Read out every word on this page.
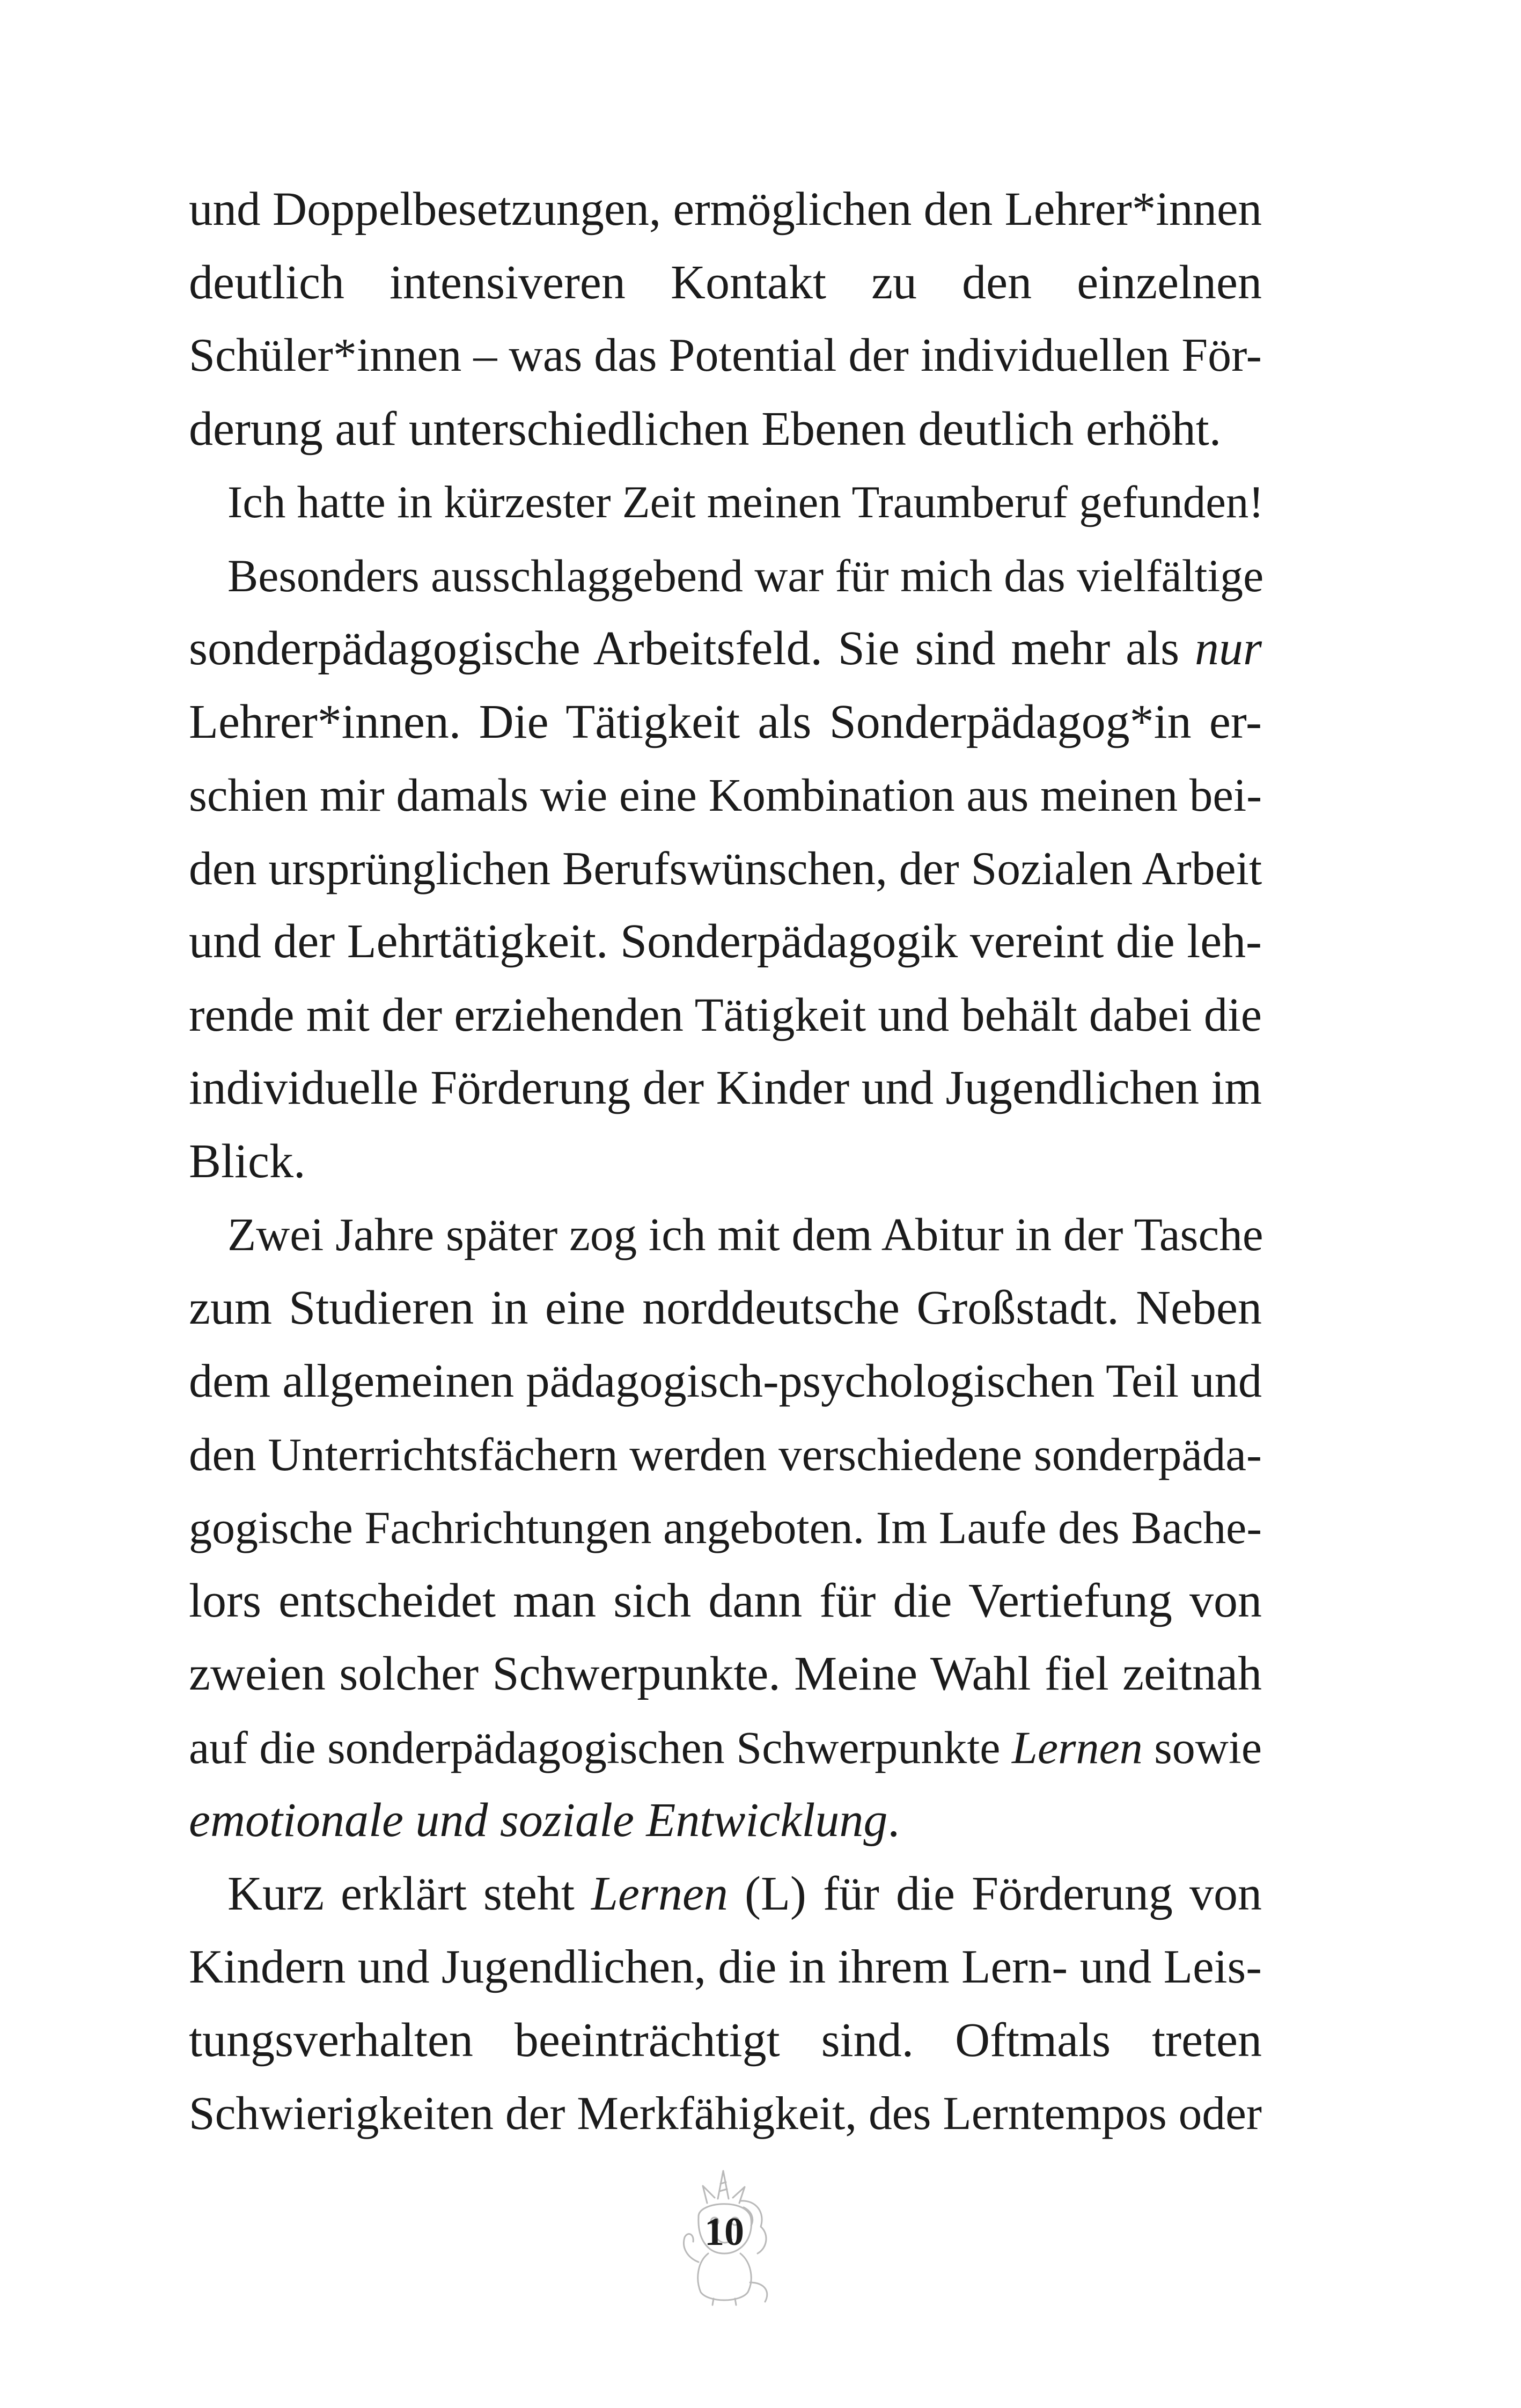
und Doppelbesetzungen, ermöglichen den Lehrer*innen
deutlich intensiveren Kontakt zu den einzelnen
Schüler*innen – was das Potential der individuellen För-
derung auf unterschiedlichen Ebenen deutlich erhöht.
Ich hatte in kürzester Zeit meinen Traumberuf gefunden!
Besonders ausschlaggebend war für mich das vielfältige
sonderpädagogische Arbeitsfeld. Sie sind mehr als nur
Lehrer*innen. Die Tätigkeit als Sonderpädagog*in er-
schien mir damals wie eine Kombination aus meinen bei-
den ursprünglichen Berufswünschen, der Sozialen Arbeit
und der Lehrtätigkeit. Sonderpädagogik vereint die leh-
rende mit der erziehenden Tätigkeit und behält dabei die
individuelle Förderung der Kinder und Jugendlichen im
Blick.
Zwei Jahre später zog ich mit dem Abitur in der Tasche
zum Studieren in eine norddeutsche Großstadt. Neben
dem allgemeinen pädagogisch-psychologischen Teil und
den Unterrichtsfächern werden verschiedene sonderpäda-
gogische Fachrichtungen angeboten. Im Laufe des Bache-
lors entscheidet man sich dann für die Vertiefung von
zweien solcher Schwerpunkte. Meine Wahl fiel zeitnah
auf die sonderpädagogischen Schwerpunkte Lernen sowie
emotionale und soziale Entwicklung.
Kurz erklärt steht Lernen (L) für die Förderung von
Kindern und Jugendlichen, die in ihrem Lern- und Leis-
tungsverhalten beeinträchtigt sind. Oftmals treten
Schwierigkeiten der Merkfähigkeit, des Lerntempos oder
10
